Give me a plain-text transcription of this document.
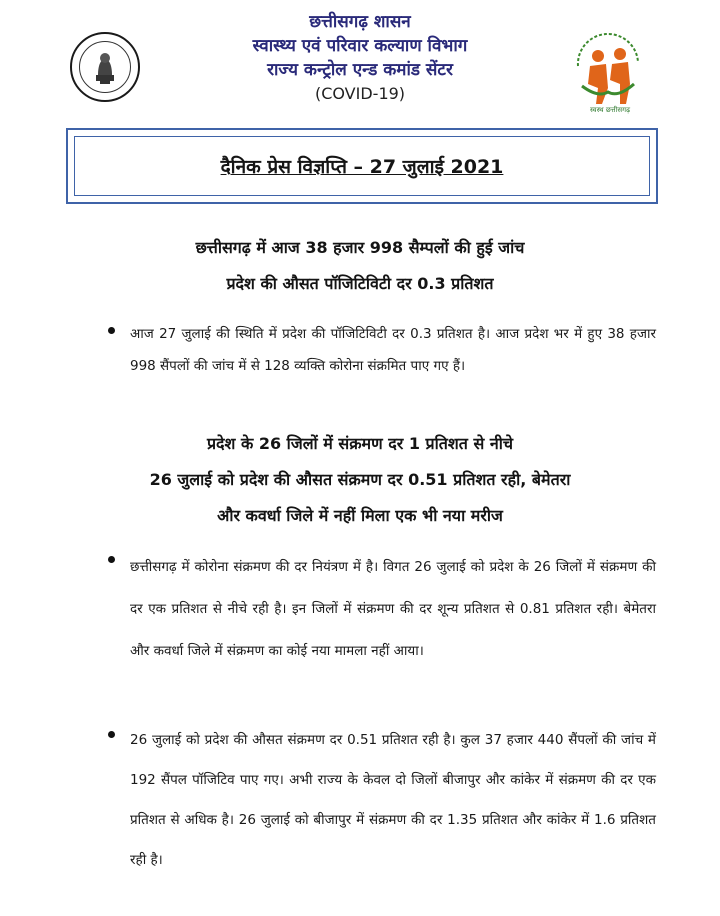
छत्तीसगढ़ शासन
स्वास्थ्य एवं परिवार कल्याण विभाग
राज्य कन्ट्रोल एन्ड कमांड सेंटर
(COVID-19)
स्वस्थ छत्तीसगढ़
दैनिक प्रेस विज्ञप्ति – 27 जुलाई 2021
छत्तीसगढ़ में आज 38 हजार 998 सैम्पलों की हुई जांच
प्रदेश की औसत पॉजिटिविटी दर 0.3 प्रतिशत
आज 27 जुलाई की स्थिति में प्रदेश की पॉजिटिविटी दर 0.3 प्रतिशत है। आज प्रदेश भर में हुए 38 हजार 998 सैंपलों की जांच में से 128 व्यक्ति कोरोना संक्रमित पाए गए हैं।
प्रदेश के 26 जिलों में संक्रमण दर 1 प्रतिशत से नीचे
26 जुलाई को प्रदेश की औसत संक्रमण दर 0.51 प्रतिशत रही, बेमेतरा
और कवर्धा जिले में नहीं मिला एक भी नया मरीज
छत्तीसगढ़ में कोरोना संक्रमण की दर नियंत्रण में है। विगत 26 जुलाई को प्रदेश के 26 जिलों में संक्रमण की दर एक प्रतिशत से नीचे रही है। इन जिलों में संक्रमण की दर शून्य प्रतिशत से 0.81 प्रतिशत रही। बेमेतरा और कवर्धा जिले में संक्रमण का कोई नया मामला नहीं आया।
26 जुलाई को प्रदेश की औसत संक्रमण दर 0.51 प्रतिशत रही है। कुल 37 हजार 440 सैंपलों की जांच में 192 सैंपल पॉजिटिव पाए गए। अभी राज्य के केवल दो जिलों बीजापुर और कांकेर में संक्रमण की दर एक प्रतिशत से अधिक है। 26 जुलाई को बीजापुर में संक्रमण की दर 1.35 प्रतिशत और कांकेर में 1.6 प्रतिशत रही है।
